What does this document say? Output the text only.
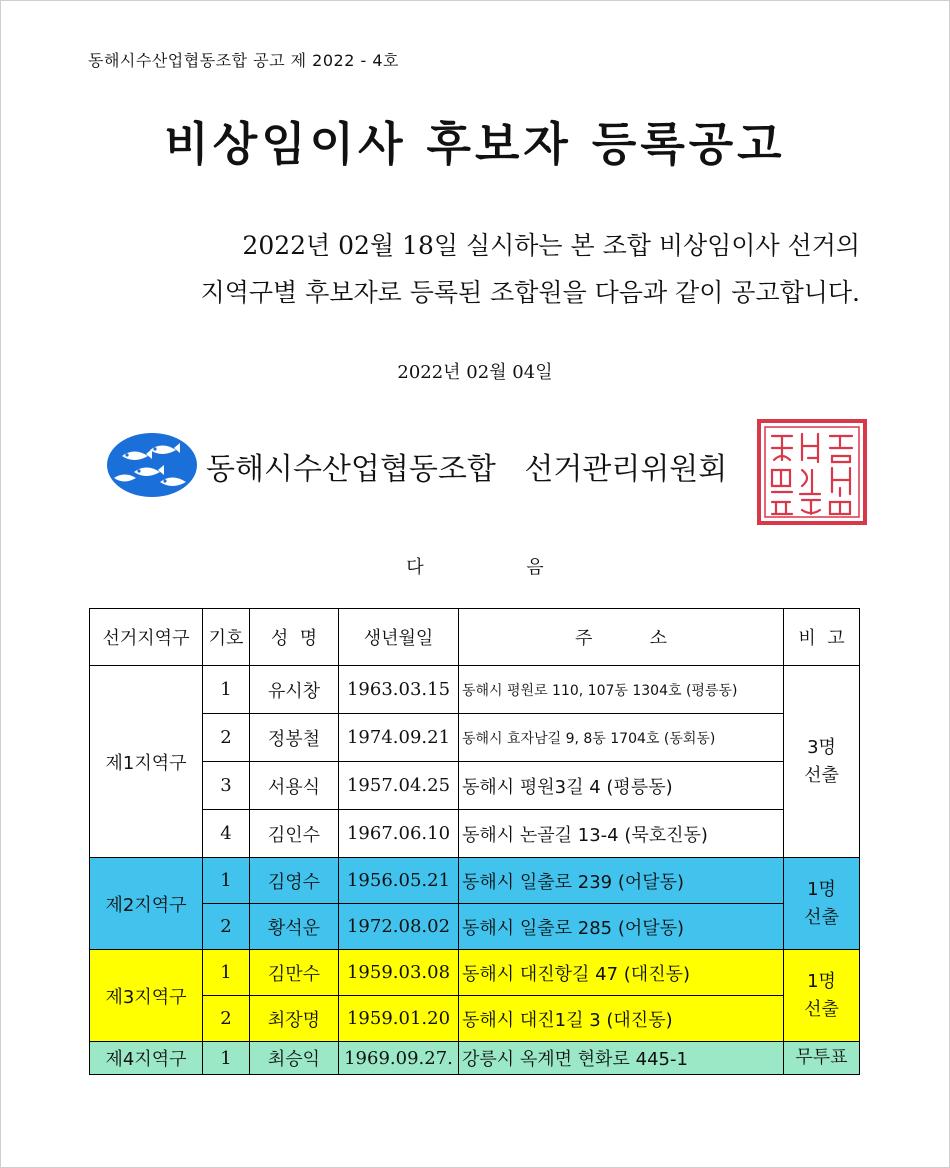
동해시수산업협동조합 공고 제 2022 - 4호
비상임이사 후보자 등록공고
2022년 02월 18일 실시하는 본 조합 비상임이사 선거의
지역구별 후보자로 등록된 조합원을 다음과 같이 공고합니다.
2022년 02월 04일
동해시수산업협동조합   선거관리위원회
다	음
선거지역구	기호	성  명	생년월일	주          소	비  고
제1지역구	1	유시창	1963.03.15	동해시 평원로 110, 107동 1304호 (평릉동)	3명
선출
	2	정봉철	1974.09.21	동해시 효자남길 9, 8동 1704호 (동회동)	
	3	서용식	1957.04.25	동해시 평원3길 4 (평릉동)	
	4	김인수	1967.06.10	동해시 논골길 13-4 (묵호진동)	
제2지역구	1	김영수	1956.05.21	동해시 일출로 239 (어달동)	1명
선출
	2	황석운	1972.08.02	동해시 일출로 285 (어달동)	
제3지역구	1	김만수	1959.03.08	동해시 대진항길 47 (대진동)	1명
선출
	2	최장명	1959.01.20	동해시 대진1길 3 (대진동)	
제4지역구	1	최승익	1969.09.27.	강릉시 옥계면 현화로 445-1	무투표
